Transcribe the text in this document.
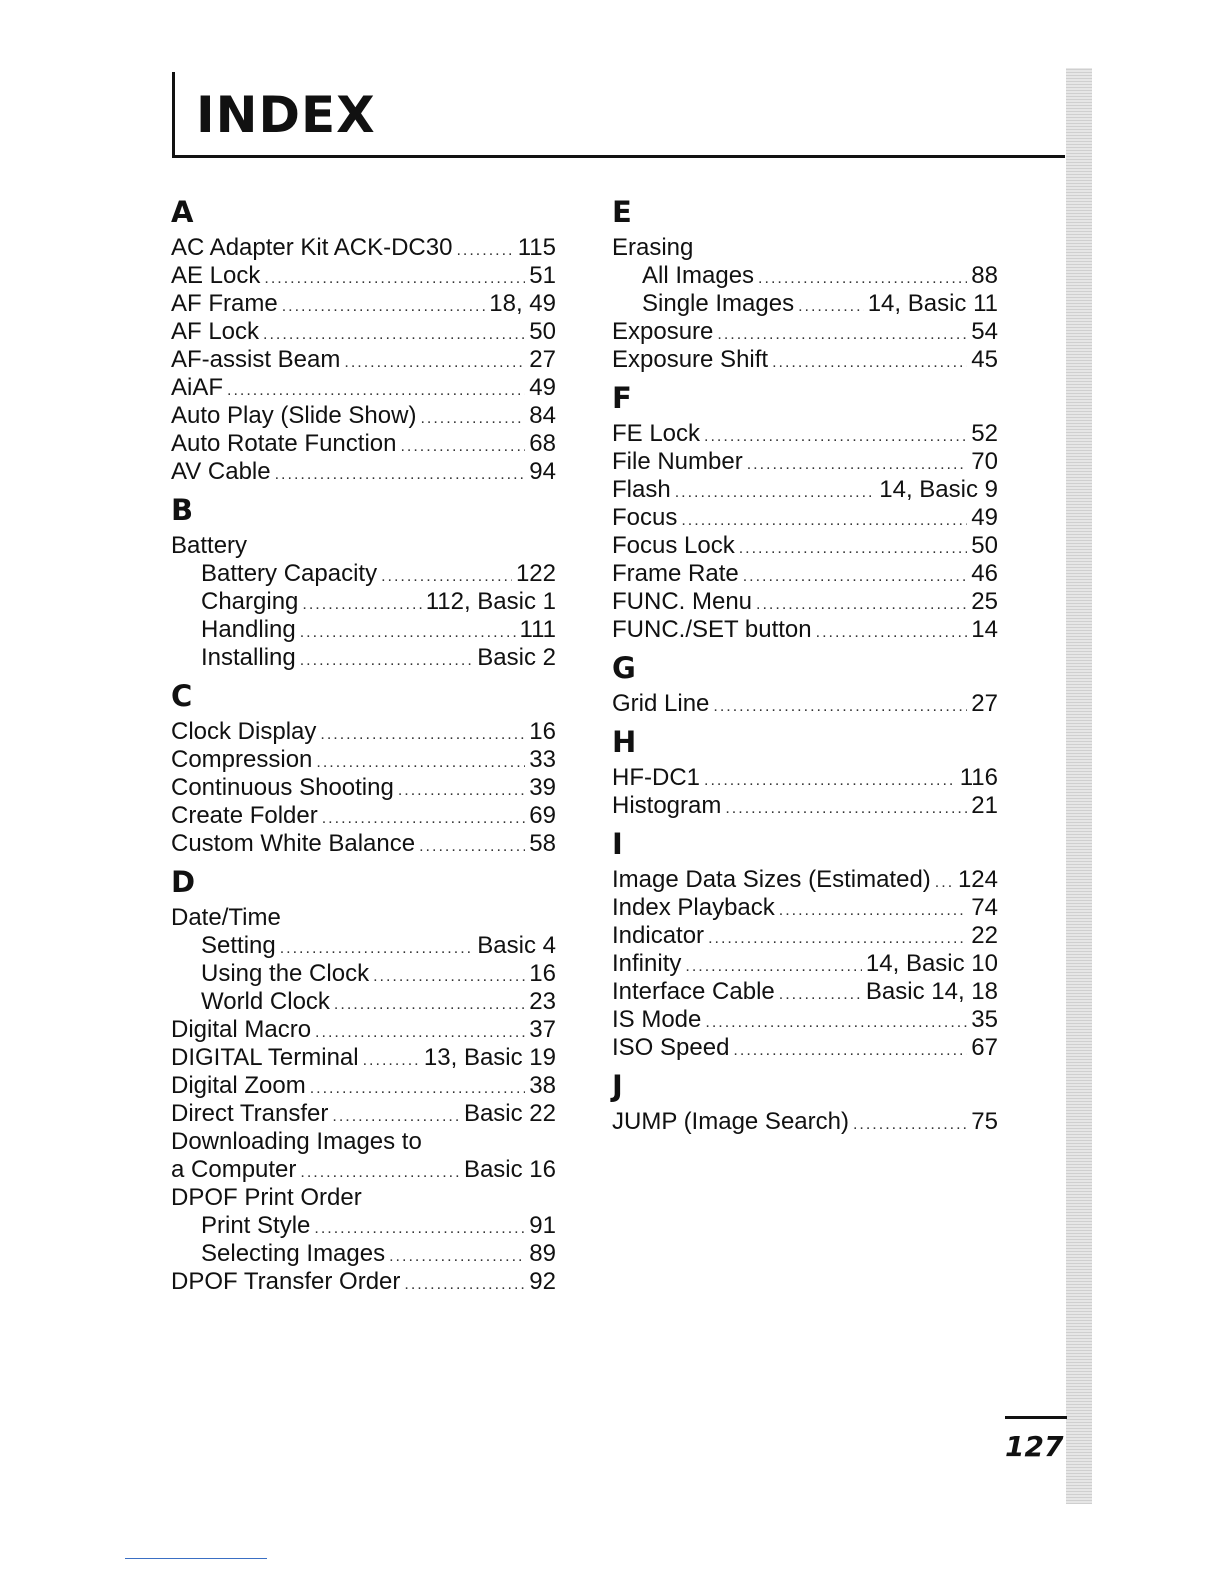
INDEX
A
AC Adapter Kit ACK-DC30 .....	115
AE Lock .....	51
AF Frame .....	18, 49
AF Lock .....	50
AF-assist Beam .....	27
AiAF .....	49
Auto Play (Slide Show) .....	84
Auto Rotate Function .....	68
AV Cable .....	94
B
Battery
Battery Capacity .....	122
Charging .....	112, Basic 1
Handling .....	111
Installing .....	Basic 2
C
Clock Display .....	16
Compression .....	33
Continuous Shooting .....	39
Create Folder .....	69
Custom White Balance .....	58
D
Date/Time
Setting .....	Basic 4
Using the Clock .....	16
World Clock .....	23
Digital Macro .....	37
DIGITAL Terminal .....	13, Basic 19
Digital Zoom .....	38
Direct Transfer .....	Basic 22
Downloading Images to
a Computer .....	Basic 16
DPOF Print Order
Print Style .....	91
Selecting Images .....	89
DPOF Transfer Order .....	92
E
Erasing
All Images .....	88
Single Images .....	14, Basic 11
Exposure .....	54
Exposure Shift .....	45
F
FE Lock .....	52
File Number .....	70
Flash .....	14, Basic 9
Focus .....	49
Focus Lock .....	50
Frame Rate .....	46
FUNC. Menu .....	25
FUNC./SET button .....	14
G
Grid Line .....	27
H
HF-DC1 .....	116
Histogram .....	21
I
Image Data Sizes (Estimated) ..... 124
Index Playback .....	74
Indicator .....	22
Infinity .....	14, Basic 10
Interface Cable .....	Basic 14, 18
IS Mode .....	35
ISO Speed .....	67
J
JUMP (Image Search) .....	75
127
